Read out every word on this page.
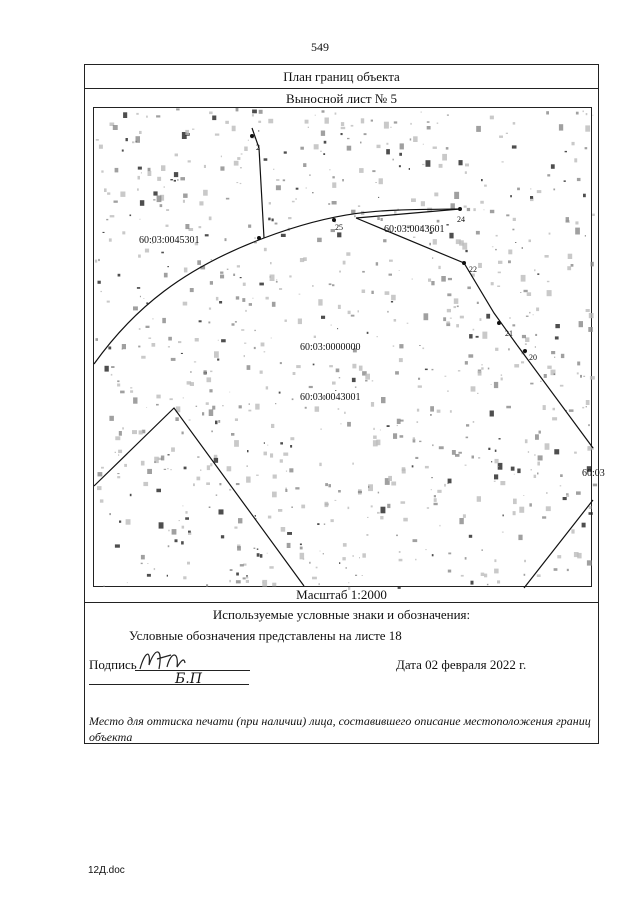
549
План границ объекта
Выносной лист № 5
60:03:0045301
60:03:0043601
60:03:0000000
60:03:0043001
60:03
2
25
24
22
21
20
Масштаб 1:2000
Используемые условные знаки и обозначения:
Условные обозначения представлены на листе 18
Подпись
Б.П
Дата 02 февраля 2022 г.
Место для оттиска печати (при наличии) лица, составившего описание местоположения границ объекта
12Д.doc
